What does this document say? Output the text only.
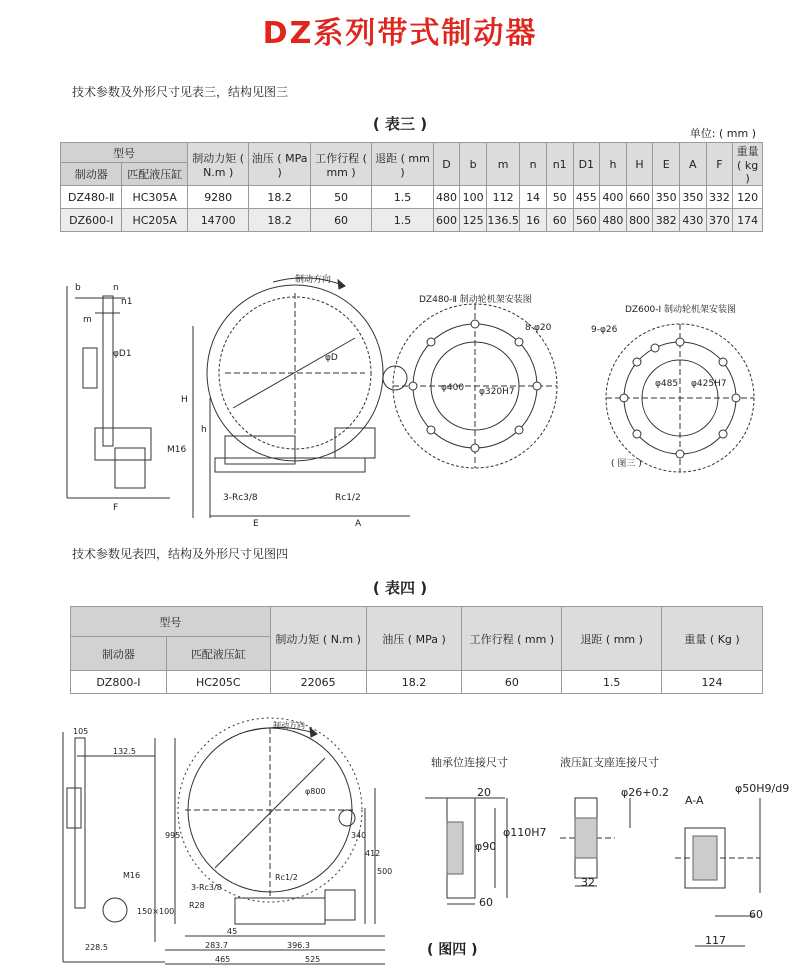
DZ系列带式制动器
技术参数及外形尺寸见表三，结构见图三
( 表三 )
单位: ( mm )
型号		制动力矩 ( N.m )	油压 ( MPa )	工作行程 ( mm )	退距 ( mm )	D	b	m	n	n1	D1	h	H	E	A	F	重量 ( kg )
制动器	匹配液压缸																
DZ480-Ⅱ	HC305A	9280	18.2	50	1.5	480	100	112	14	50	455	400	660	350	350	332	120
DZ600-Ⅰ	HC205A	14700	18.2	60	1.5	600	125	136.5	16	60	560	480	800	382	430	370	174
b	n
n1
m
φD1
M16
F
H
h
φD
制动方向
3-Rc3/8	Rc1/2
E	A
DZ480-Ⅱ 制动轮机架安装图
8-φ20
φ400 φ320H7
DZ600-Ⅰ 制动轮机架安装图
9-φ26
φ485 φ425H7
( 图三 )
技术参数见表四，结构及外形尺寸见图四
( 表四 )
型号		制动力矩 ( N.m )	油压 ( MPa )	工作行程 ( mm )	退距 ( mm )	重量 ( Kg )
制动器	匹配液压缸					
DZ800-Ⅰ	HC205C	22065	18.2	60	1.5	124
105
132.5
995
φ800
M16
150×100
3-Rc3/8
Rc1/2
R28
228.5	283.7
45
396.3
465	525
340
412
500
制动方向
轴承位连接尺寸	液压缸支座连接尺寸
A-A
20
φ90
φ110H7
60
φ26+0.2
32
φ50H9/d9
60
117
( 图四 )
